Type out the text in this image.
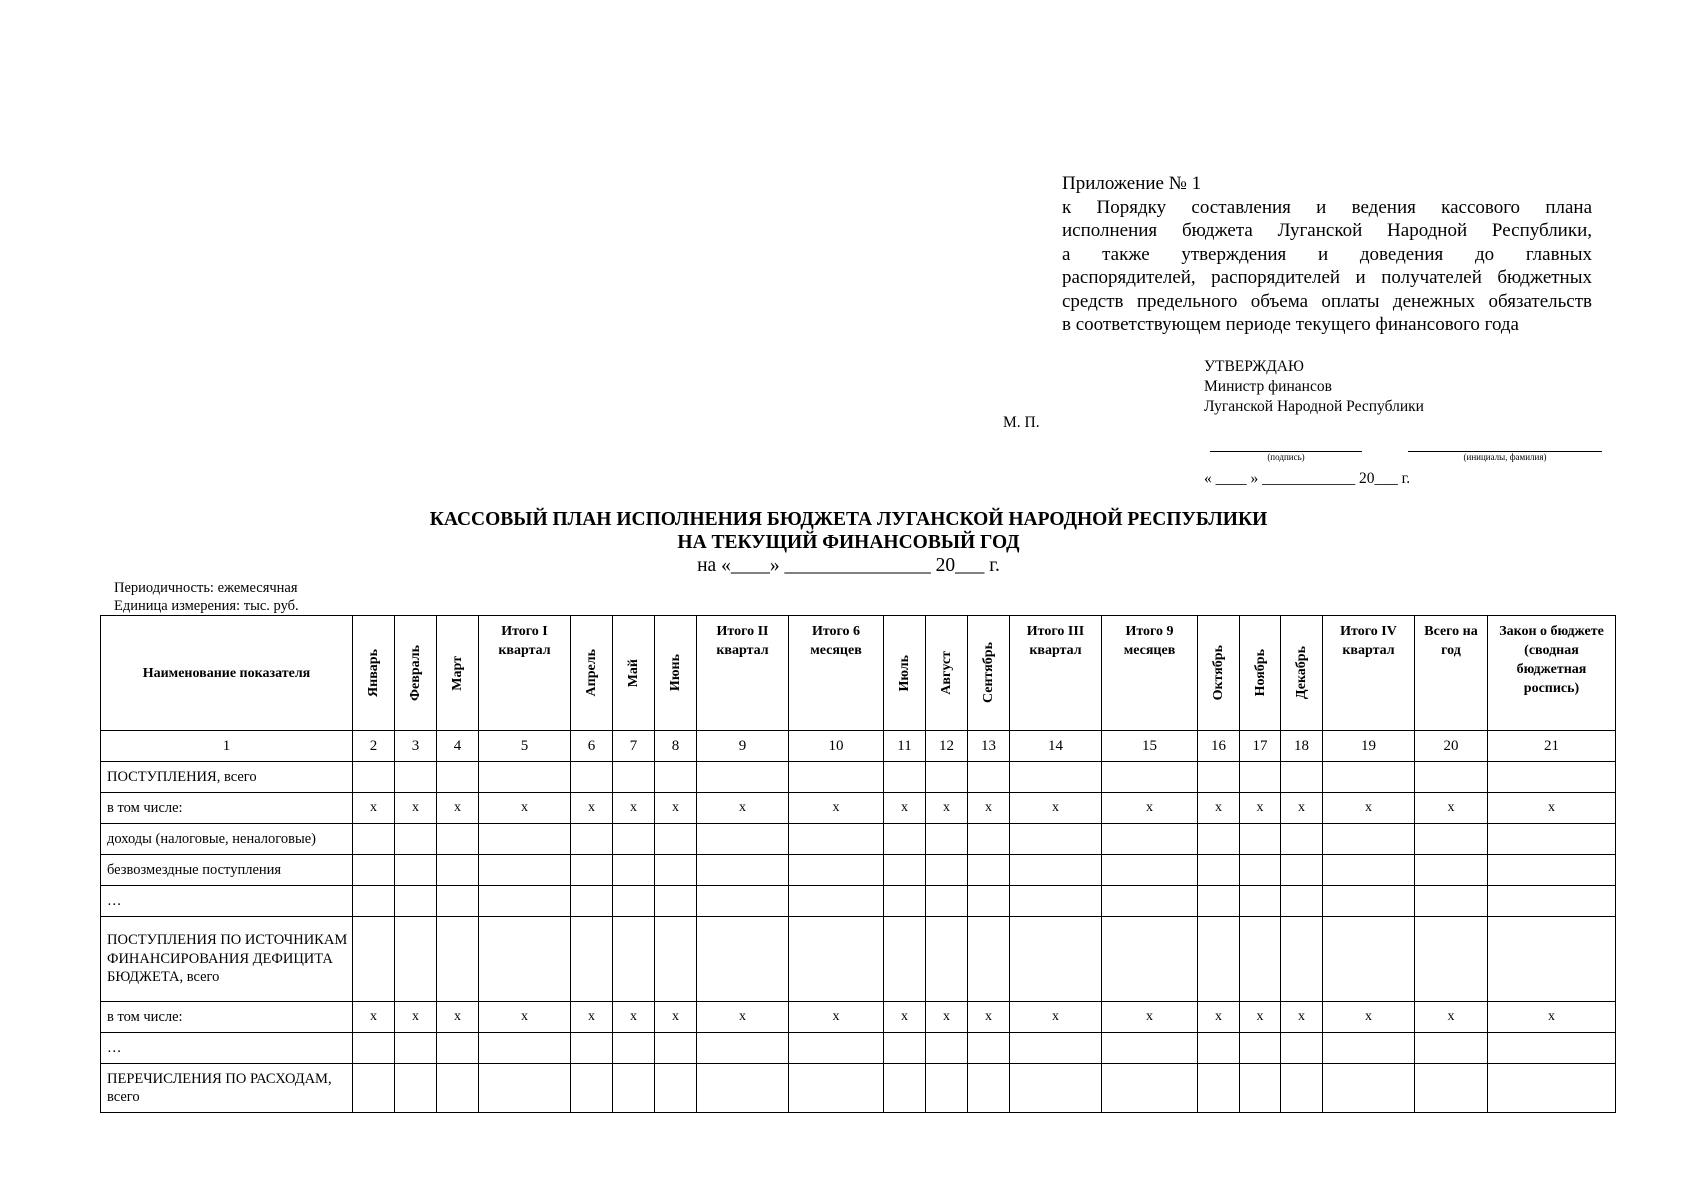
Приложение № 1
к Порядку составления и ведения кассового плана
исполнения бюджета Луганской Народной Республики,
а также утверждения и доведения до главных
распорядителей, распорядителей и получателей бюджетных
средств предельного объема оплаты денежных обязательств
в соответствующем периоде текущего финансового года
УТВЕРЖДАЮ
Министр финансов
Луганской Народной Республики
М. П.
(подпись)	(инициалы, фамилия)
« ____ » ____________ 20___ г.
КАССОВЫЙ ПЛАН ИСПОЛНЕНИЯ БЮДЖЕТА ЛУГАНСКОЙ НАРОДНОЙ РЕСПУБЛИКИ
НА ТЕКУЩИЙ ФИНАНСОВЫЙ ГОД
на «____» _______________ 20___ г.
Периодичность: ежемесячная
Единица измерения: тыс. руб.
Наименование показателя	Январь	Февраль	Март	Итого I квартал	Апрель	Май	Июнь	Итого II квартал	Итого 6 месяцев	Июль	Август	Сентябрь	Итого III квартал	Итого 9 месяцев	Октябрь	Ноябрь	Декабрь	Итого IV квартал	Всего на год	Закон о бюджете (сводная бюджетная роспись)
1	2	3	4	5	6	7	8	9	10	11	12	13	14	15	16	17	18	19	20	21
ПОСТУПЛЕНИЯ, всего																				
в том числе:	x	x	x	x	x	x	x	x	x	x	x	x	x	x	x	x	x	x	x	x
доходы (налоговые, неналоговые)																				
безвозмездные поступления																				
…																				
ПОСТУПЛЕНИЯ ПО ИСТОЧНИКАМ ФИНАНСИРОВАНИЯ ДЕФИЦИТА БЮДЖЕТА, всего																				
в том числе:	x	x	x	x	x	x	x	x	x	x	x	x	x	x	x	x	x	x	x	x
…																				
ПЕРЕЧИСЛЕНИЯ ПО РАСХОДАМ, всего																				
